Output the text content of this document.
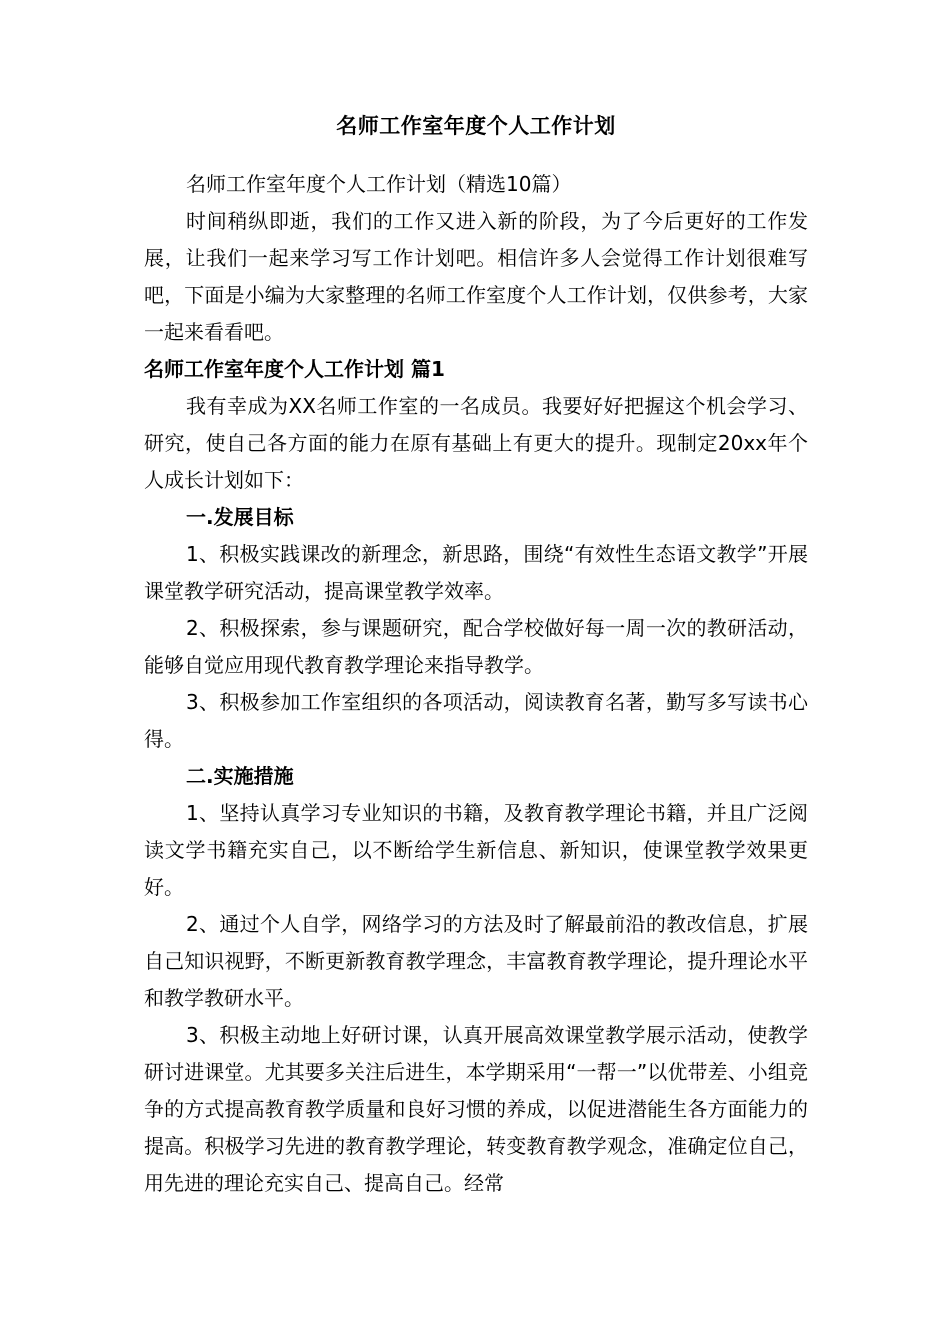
名师工作室年度个人工作计划

名师工作室年度个人工作计划（精选10篇）

时间稍纵即逝，我们的工作又进入新的阶段，为了今后更好的工作发展，让我们一起来学习写工作计划吧。相信许多人会觉得工作计划很难写吧，下面是小编为大家整理的名师工作室度个人工作计划，仅供参考，大家一起来看看吧。

名师工作室年度个人工作计划 篇1

我有幸成为XX名师工作室的一名成员。我要好好把握这个机会学习、研究，使自己各方面的能力在原有基础上有更大的提升。现制定20xx年个人成长计划如下：

一.发展目标

1、积极实践课改的新理念，新思路，围绕“有效性生态语文教学”开展课堂教学研究活动，提高课堂教学效率。

2、积极探索，参与课题研究，配合学校做好每一周一次的教研活动，能够自觉应用现代教育教学理论来指导教学。

3、积极参加工作室组织的各项活动，阅读教育名著，勤写多写读书心得。

二.实施措施

1、坚持认真学习专业知识的书籍，及教育教学理论书籍，并且广泛阅读文学书籍充实自己，以不断给学生新信息、新知识，使课堂教学效果更好。

2、通过个人自学，网络学习的方法及时了解最前沿的教改信息，扩展自己知识视野，不断更新教育教学理念，丰富教育教学理论，提升理论水平和教学教研水平。

3、积极主动地上好研讨课，认真开展高效课堂教学展示活动，使教学研讨进课堂。尤其要多关注后进生，本学期采用“一帮一”以优带差、小组竞争的方式提高教育教学质量和良好习惯的养成，以促进潜能生各方面能力的提高。积极学习先进的教育教学理论，转变教育教学观念，准确定位自己，用先进的理论充实自己、提高自己。经常
